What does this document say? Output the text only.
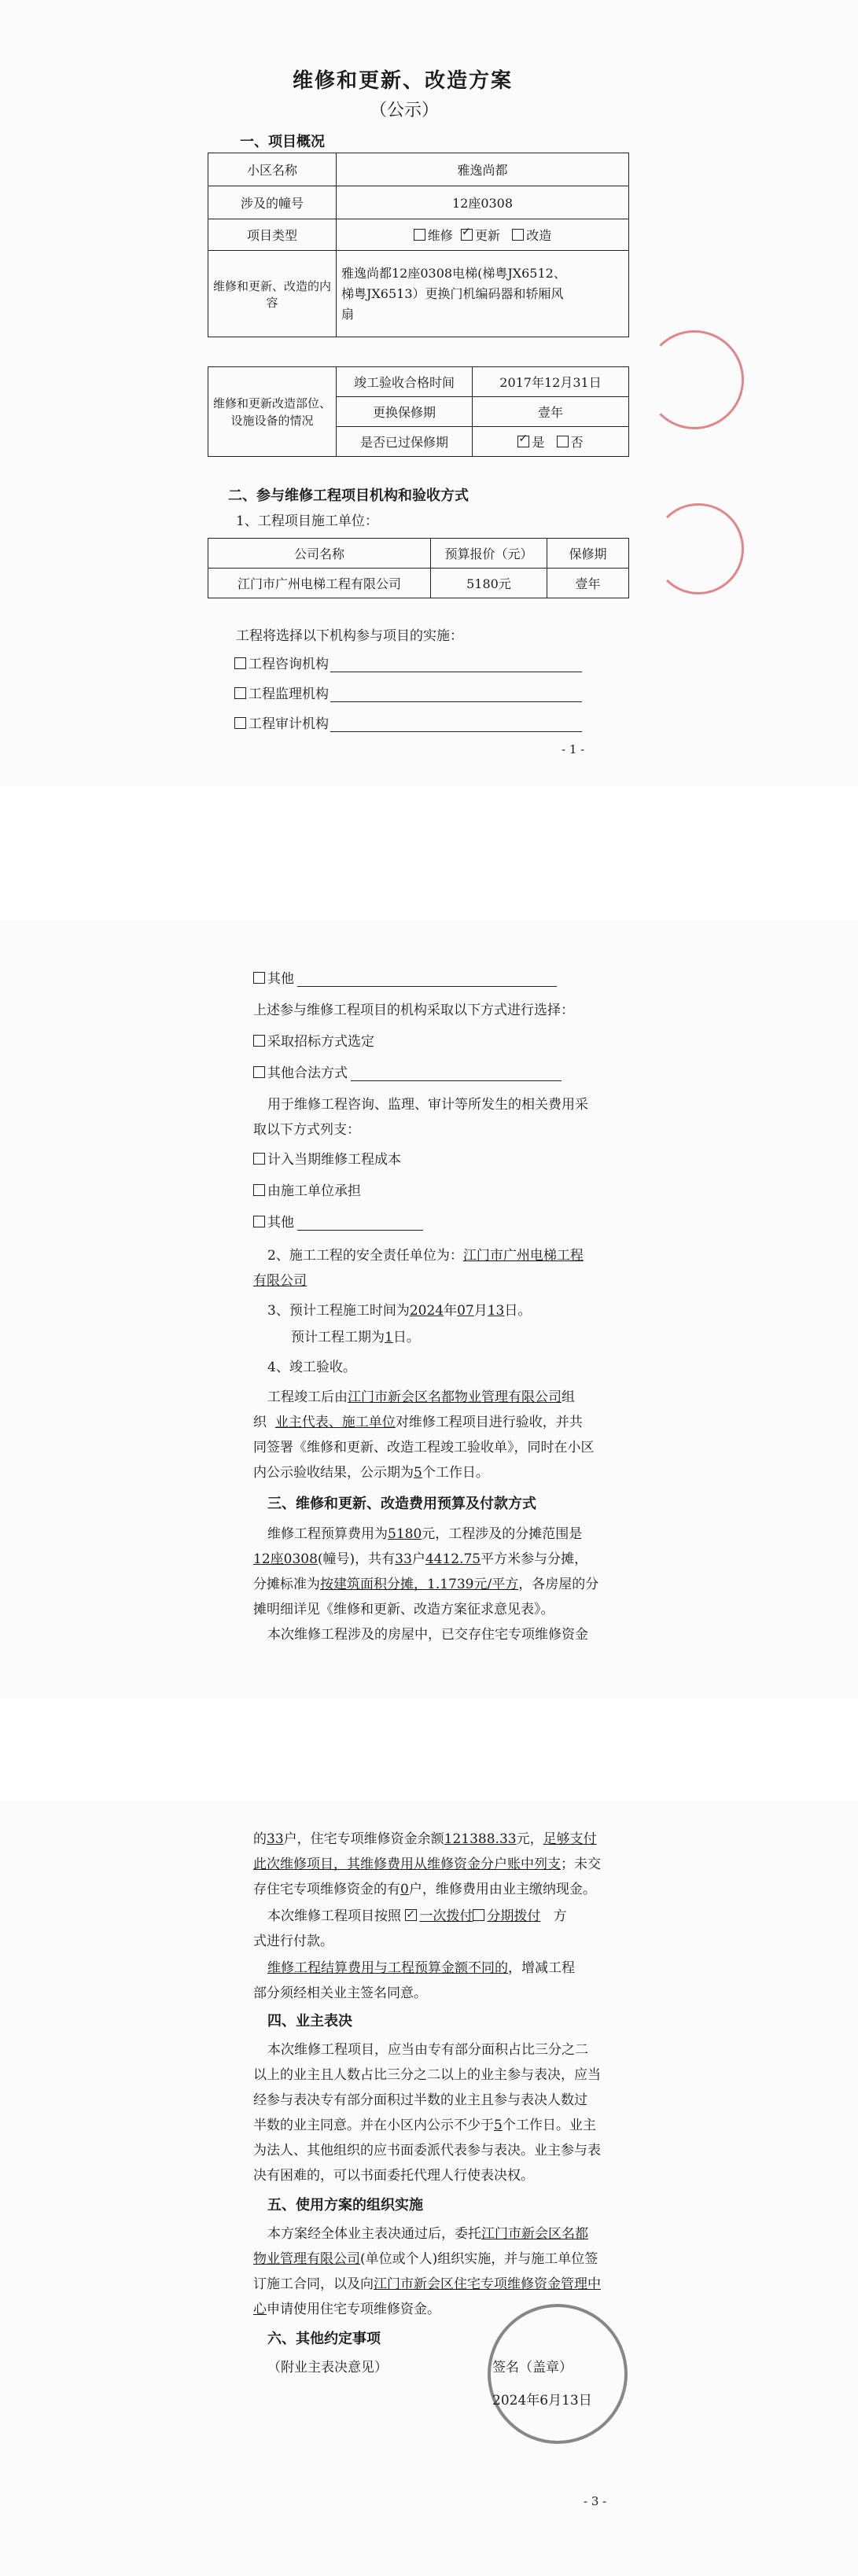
维修和更新、改造方案
（公示）
一、项目概况
小区名称	雅逸尚都
涉及的幢号	12座0308
项目类型	维修 ✓ 更新 改造
维修和更新、改造的内容	雅逸尚都12座0308电梯(梯粤JX6512、
梯粤JX6513）更换门机编码器和轿厢风
扇
维修和更新改造部位、设施设备的情况	竣工验收合格时间	2017年12月31日
	更换保修期	壹年
	是否已过保修期	✓是 否
二、参与维修工程项目机构和验收方式
1、工程项目施工单位：
公司名称	预算报价（元）	保修期
江门市广州电梯工程有限公司	5180元	壹年
工程将选择以下机构参与项目的实施：
工程咨询机构
工程监理机构
工程审计机构
- 1 -
其他
上述参与维修工程项目的机构采取以下方式进行选择：
采取招标方式选定
其他合法方式
用于维修工程咨询、监理、审计等所发生的相关费用采
取以下方式列支：
计入当期维修工程成本
由施工单位承担
其他
2、施工工程的安全责任单位为：江门市广州电梯工程
有限公司
3、预计工程施工时间为2024年07月13日。
预计工程工期为1日。
4、竣工验收。
工程竣工后由江门市新会区名都物业管理有限公司组
织 业主代表、施工单位对维修工程项目进行验收，并共
同签署《维修和更新、改造工程竣工验收单》，同时在小区
内公示验收结果，公示期为5个工作日。
三、维修和更新、改造费用预算及付款方式
维修工程预算费用为5180元，工程涉及的分摊范围是
12座0308(幢号)，共有33户4412.75平方米参与分摊，
分摊标准为按建筑面积分摊，1.1739元/平方，各房屋的分
摊明细详见《维修和更新、改造方案征求意见表》。
本次维修工程涉及的房屋中，已交存住宅专项维修资金
的33户，住宅专项维修资金余额121388.33元，足够支付
此次维修项目，其维修费用从维修资金分户账中列支；未交
存住宅专项维修资金的有0户，维修费用由业主缴纳现金。
本次维修工程项目按照 ✓ 一次拨付 分期拨付 方
式进行付款。
维修工程结算费用与工程预算金额不同的，增减工程
部分须经相关业主签名同意。
四、业主表决
本次维修工程项目，应当由专有部分面积占比三分之二
以上的业主且人数占比三分之二以上的业主参与表决，应当
经参与表决专有部分面积过半数的业主且参与表决人数过
半数的业主同意。并在小区内公示不少于5个工作日。业主
为法人、其他组织的应书面委派代表参与表决。业主参与表
决有困难的，可以书面委托代理人行使表决权。
五、使用方案的组织实施
本方案经全体业主表决通过后，委托江门市新会区名都
物业管理有限公司(单位或个人)组织实施，并与施工单位签
订施工合同，以及向江门市新会区住宅专项维修资金管理中
心申请使用住宅专项维修资金。
六、其他约定事项
（附业主表决意见）	签名（盖章）
2024年6月13日
- 3 -
